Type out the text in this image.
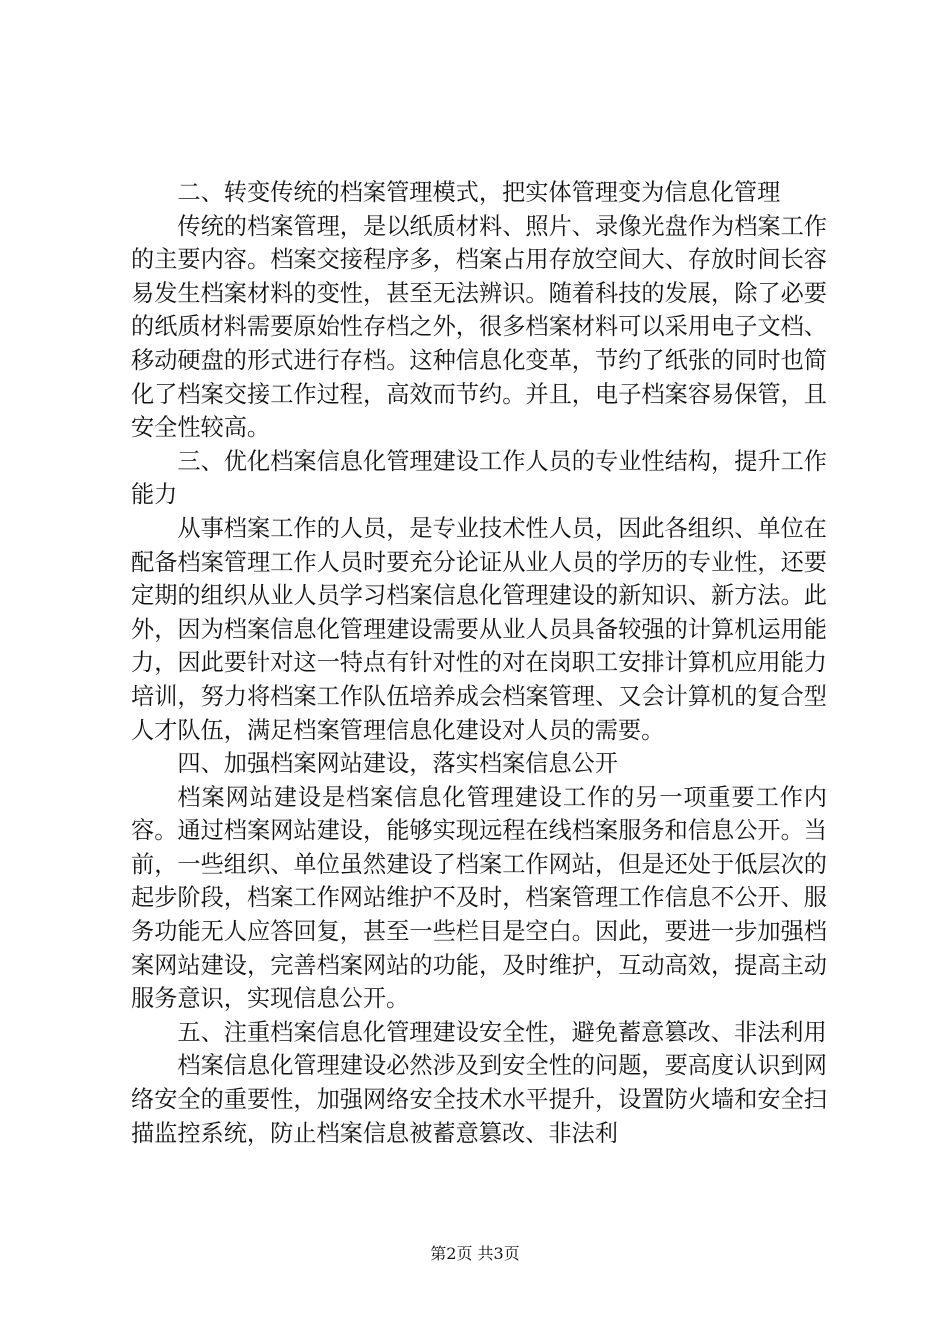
二、转变传统的档案管理模式，把实体管理变为信息化管理

传统的档案管理，是以纸质材料、照片、录像光盘作为档案工作的主要内容。档案交接程序多，档案占用存放空间大、存放时间长容易发生档案材料的变性，甚至无法辨识。随着科技的发展，除了必要的纸质材料需要原始性存档之外，很多档案材料可以采用电子文档、移动硬盘的形式进行存档。这种信息化变革，节约了纸张的同时也简化了档案交接工作过程，高效而节约。并且，电子档案容易保管，且安全性较高。

三、优化档案信息化管理建设工作人员的专业性结构，提升工作能力

从事档案工作的人员，是专业技术性人员，因此各组织、单位在配备档案管理工作人员时要充分论证从业人员的学历的专业性，还要定期的组织从业人员学习档案信息化管理建设的新知识、新方法。此外，因为档案信息化管理建设需要从业人员具备较强的计算机运用能力，因此要针对这一特点有针对性的对在岗职工安排计算机应用能力培训，努力将档案工作队伍培养成会档案管理、又会计算机的复合型人才队伍，满足档案管理信息化建设对人员的需要。

四、加强档案网站建设，落实档案信息公开

档案网站建设是档案信息化管理建设工作的另一项重要工作内容。通过档案网站建设，能够实现远程在线档案服务和信息公开。当前，一些组织、单位虽然建设了档案工作网站，但是还处于低层次的起步阶段，档案工作网站维护不及时，档案管理工作信息不公开、服务功能无人应答回复，甚至一些栏目是空白。因此，要进一步加强档案网站建设，完善档案网站的功能，及时维护，互动高效，提高主动服务意识，实现信息公开。

五、注重档案信息化管理建设安全性，避免蓄意篡改、非法利用

档案信息化管理建设必然涉及到安全性的问题，要高度认识到网络安全的重要性，加强网络安全技术水平提升，设置防火墙和安全扫描监控系统，防止档案信息被蓄意篡改、非法利

第2页 共3页
